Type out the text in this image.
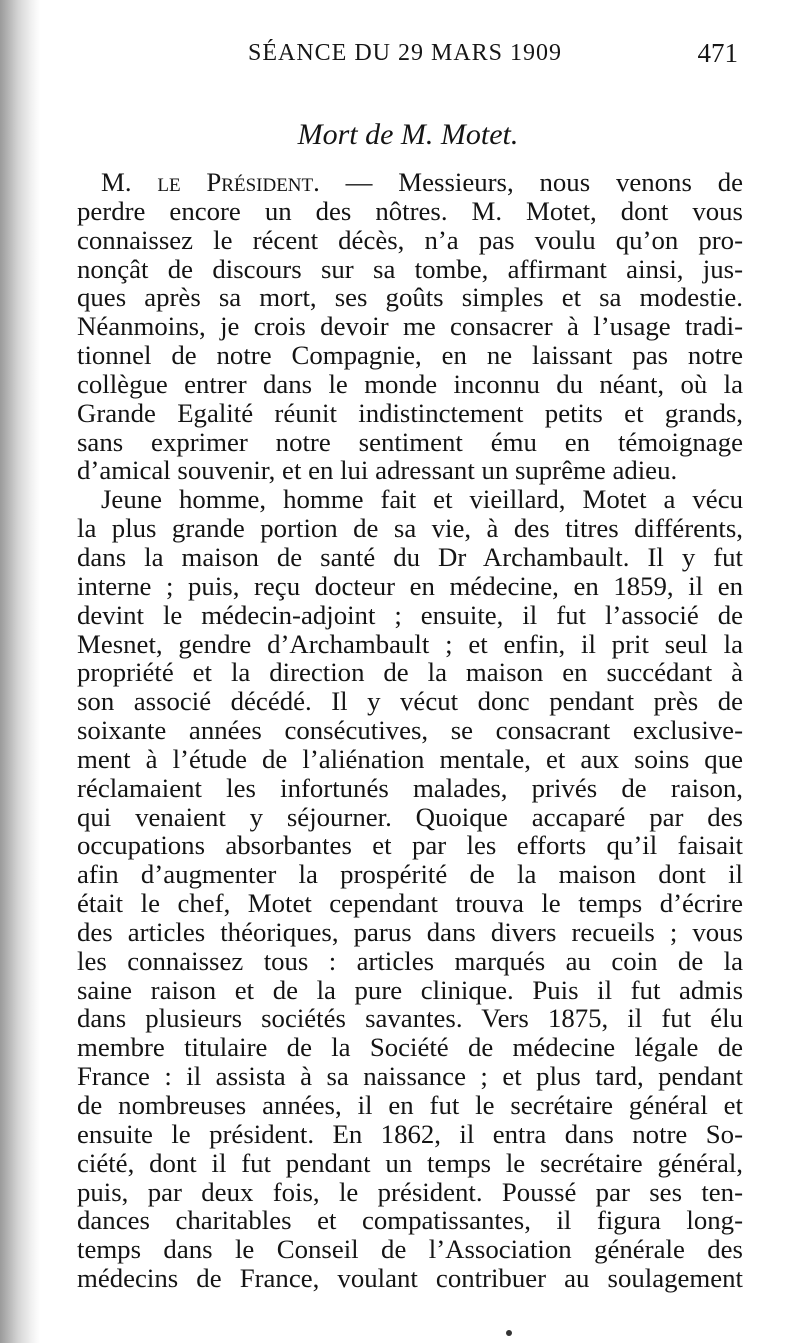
SÉANCE DU 29 MARS 1909	471
Mort de M. Motet.
M. le Président. — Messieurs, nous venons de
perdre encore un des nôtres. M. Motet, dont vous
connaissez le récent décès, n’a pas voulu qu’on pro-
nonçât de discours sur sa tombe, affirmant ainsi, jus-
ques après sa mort, ses goûts simples et sa modestie.
Néanmoins, je crois devoir me consacrer à l’usage tradi-
tionnel de notre Compagnie, en ne laissant pas notre
collègue entrer dans le monde inconnu du néant, où la
Grande Egalité réunit indistinctement petits et grands,
sans exprimer notre sentiment ému en témoignage
d’amical souvenir, et en lui adressant un suprême adieu.
Jeune homme, homme fait et vieillard, Motet a vécu
la plus grande portion de sa vie, à des titres différents,
dans la maison de santé du Dr Archambault. Il y fut
interne ; puis, reçu docteur en médecine, en 1859, il en
devint le médecin-adjoint ; ensuite, il fut l’associé de
Mesnet, gendre d’Archambault ; et enfin, il prit seul la
propriété et la direction de la maison en succédant à
son associé décédé. Il y vécut donc pendant près de
soixante années consécutives, se consacrant exclusive-
ment à l’étude de l’aliénation mentale, et aux soins que
réclamaient les infortunés malades, privés de raison,
qui venaient y séjourner. Quoique accaparé par des
occupations absorbantes et par les efforts qu’il faisait
afin d’augmenter la prospérité de la maison dont il
était le chef, Motet cependant trouva le temps d’écrire
des articles théoriques, parus dans divers recueils ; vous
les connaissez tous : articles marqués au coin de la
saine raison et de la pure clinique. Puis il fut admis
dans plusieurs sociétés savantes. Vers 1875, il fut élu
membre titulaire de la Société de médecine légale de
France : il assista à sa naissance ; et plus tard, pendant
de nombreuses années, il en fut le secrétaire général et
ensuite le président. En 1862, il entra dans notre So-
ciété, dont il fut pendant un temps le secrétaire général,
puis, par deux fois, le président. Poussé par ses ten-
dances charitables et compatissantes, il figura long-
temps dans le Conseil de l’Association générale des
médecins de France, voulant contribuer au soulagement
